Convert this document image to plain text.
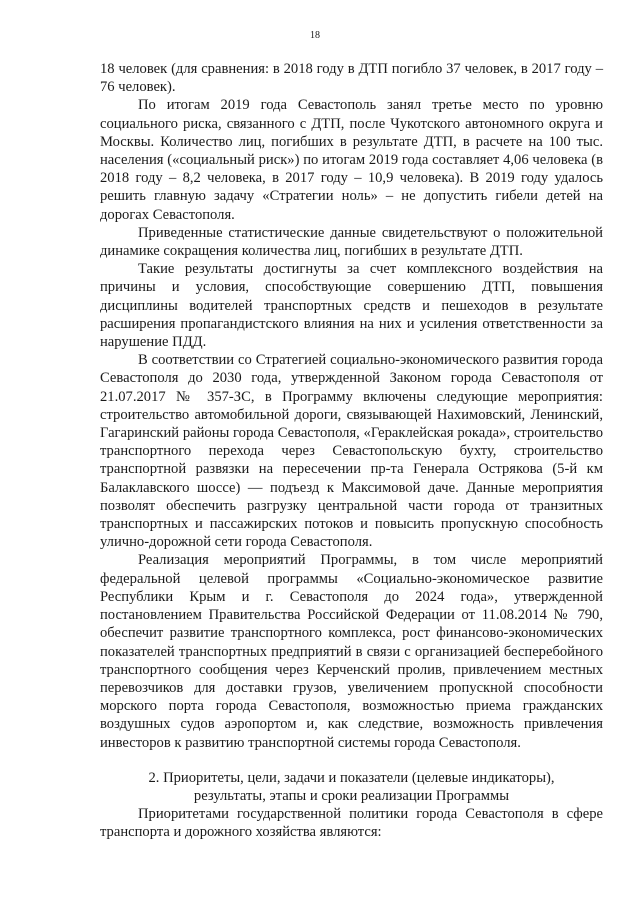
18

18 человек (для сравнения: в 2018 году в ДТП погибло 37 человек, в 2017 году – 76 человек).

По итогам 2019 года Севастополь занял третье место по уровню социального риска, связанного с ДТП, после Чукотского автономного округа и Москвы. Количество лиц, погибших в результате ДТП, в расчете на 100 тыс. населения («социальный риск») по итогам 2019 года составляет 4,06 человека (в 2018 году – 8,2 человека, в 2017 году – 10,9 человека). В 2019 году удалось решить главную задачу «Стратегии ноль» – не допустить гибели детей на дорогах Севастополя.

Приведенные статистические данные свидетельствуют о положительной динамике сокращения количества лиц, погибших в результате ДТП.

Такие результаты достигнуты за счет комплексного воздействия на причины и условия, способствующие совершению ДТП, повышения дисциплины водителей транспортных средств и пешеходов в результате расширения пропагандистского влияния на них и усиления ответственности за нарушение ПДД.

В соответствии со Стратегией социально-экономического развития города Севастополя до 2030 года, утвержденной Законом города Севастополя от 21.07.2017 № 357-ЗС, в Программу включены следующие мероприятия: строительство автомобильной дороги, связывающей Нахимовский, Ленинский, Гагаринский районы города Севастополя, «Гераклейская рокада», строительство транспортного перехода через Севастопольскую бухту, строительство транспортной развязки на пересечении пр-та Генерала Острякова (5-й км Балаклавского шоссе) — подъезд к Максимовой даче. Данные мероприятия позволят обеспечить разгрузку центральной части города от транзитных транспортных и пассажирских потоков и повысить пропускную способность улично-дорожной сети города Севастополя.

Реализация мероприятий Программы, в том числе мероприятий федеральной целевой программы «Социально-экономическое развитие Республики Крым и г. Севастополя до 2024 года», утвержденной постановлением Правительства Российской Федерации от 11.08.2014 № 790, обеспечит развитие транспортного комплекса, рост финансово-экономических показателей транспортных предприятий в связи с организацией бесперебойного транспортного сообщения через Керченский пролив, привлечением местных перевозчиков для доставки грузов, увеличением пропускной способности морского порта города Севастополя, возможностью приема гражданских воздушных судов аэропортом и, как следствие, возможность привлечения инвесторов к развитию транспортной системы города Севастополя.

2. Приоритеты, цели, задачи и показатели (целевые индикаторы),
результаты, этапы и сроки реализации Программы

Приоритетами государственной политики города Севастополя в сфере транспорта и дорожного хозяйства являются:
